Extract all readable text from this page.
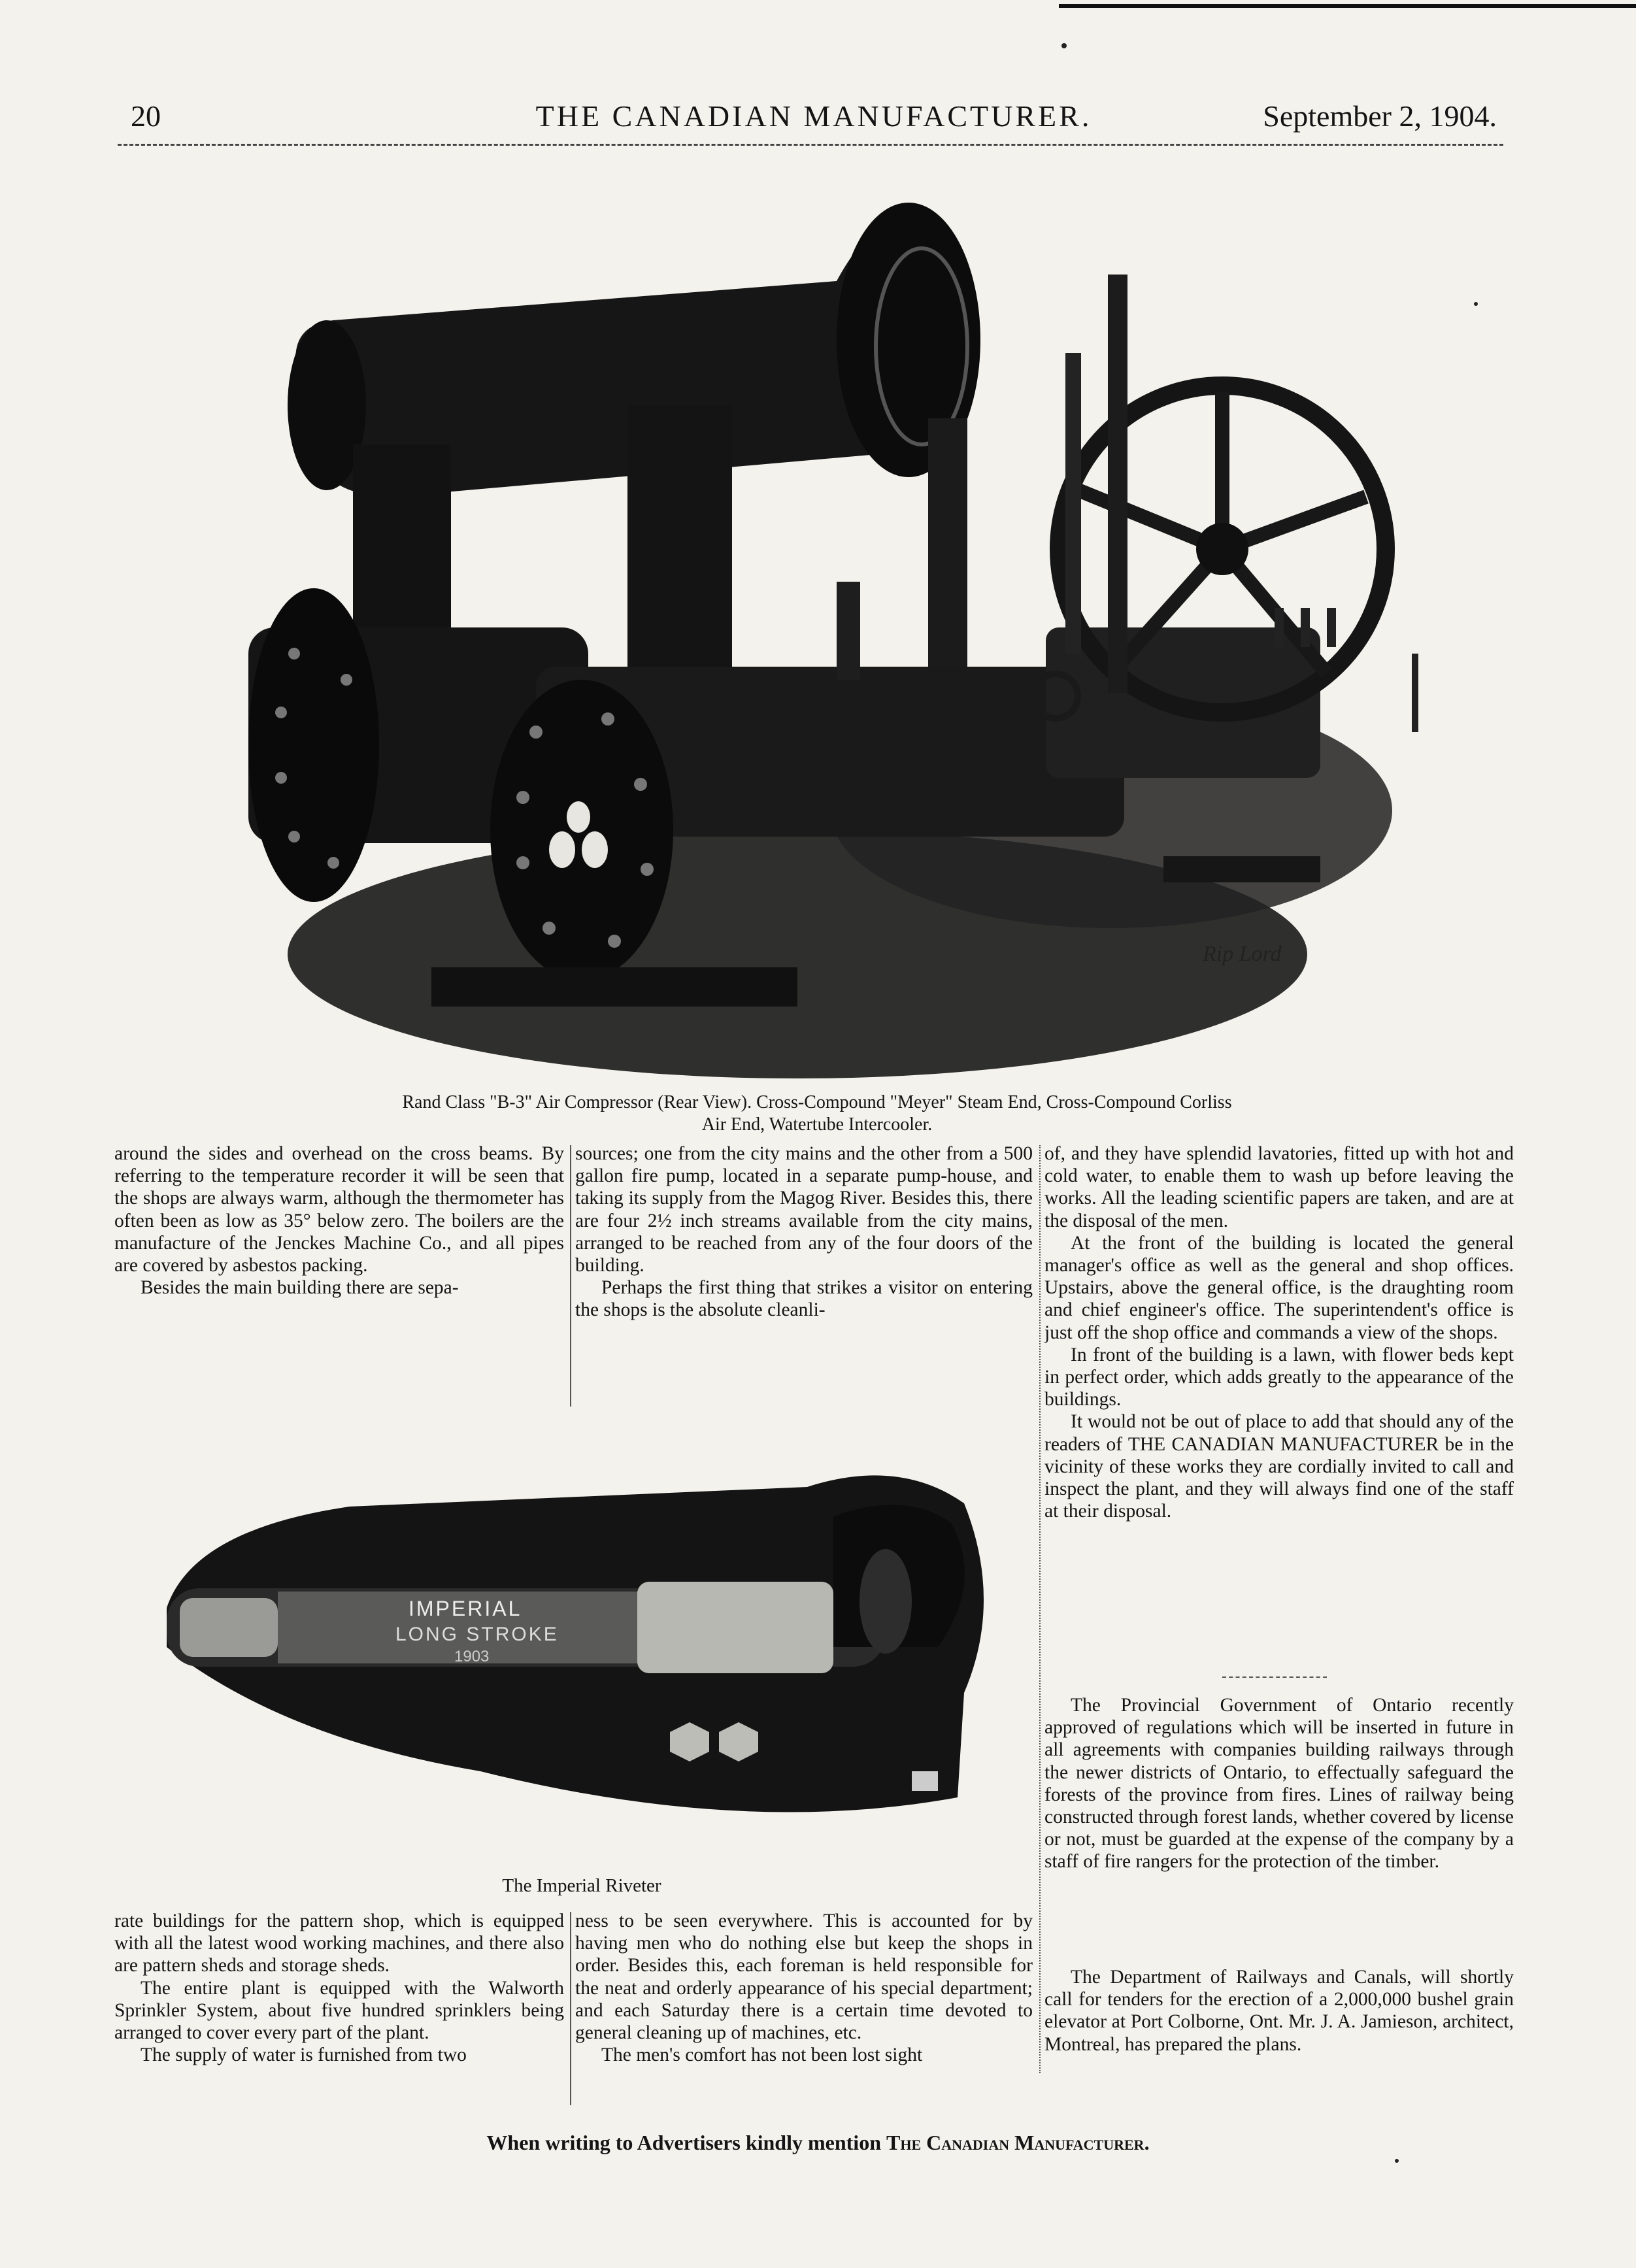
20	THE CANADIAN MANUFACTURER.	September 2, 1904.
Rip Lord
Rand Class "B-3" Air Compressor (Rear View). Cross-Compound "Meyer" Steam End, Cross-Compound Corliss
Air End, Watertube Intercooler.

around the sides and overhead on the cross beams. By referring to the temperature recorder it will be seen that the shops are always warm, although the thermometer has often been as low as 35° below zero. The boilers are the manufacture of the Jenckes Machine Co., and all pipes are covered by asbestos packing.

Besides the main building there are sepa-

sources; one from the city mains and the other from a 500 gallon fire pump, located in a separate pump-house, and taking its supply from the Magog River. Besides this, there are four 2½ inch streams available from the city mains, arranged to be reached from any of the four doors of the building.

Perhaps the first thing that strikes a visitor on entering the shops is the absolute cleanli-

of, and they have splendid lavatories, fitted up with hot and cold water, to enable them to wash up before leaving the works. All the leading scientific papers are taken, and are at the disposal of the men.

At the front of the building is located the general manager's office as well as the general and shop offices. Upstairs, above the general office, is the draughting room and chief engineer's office. The superintendent's office is just off the shop office and commands a view of the shops.

In front of the building is a lawn, with flower beds kept in perfect order, which adds greatly to the appearance of the buildings.

It would not be out of place to add that should any of the readers of THE CANADIAN MANUFACTURER be in the vicinity of these works they are cordially invited to call and inspect the plant, and they will always find one of the staff at their disposal.

The Provincial Government of Ontario recently approved of regulations which will be inserted in future in all agreements with companies building railways through the newer districts of Ontario, to effectually safeguard the forests of the province from fires. Lines of railway being constructed through forest lands, whether covered by license or not, must be guarded at the expense of the company by a staff of fire rangers for the protection of the timber.

The Department of Railways and Canals, will shortly call for tenders for the erection of a 2,000,000 bushel grain elevator at Port Colborne, Ont. Mr. J. A. Jamieson, architect, Montreal, has prepared the plans.

IMPERIAL
LONG STROKE
1903
The Imperial Riveter

rate buildings for the pattern shop, which is equipped with all the latest wood working machines, and there also are pattern sheds and storage sheds.

The entire plant is equipped with the Walworth Sprinkler System, about five hundred sprinklers being arranged to cover every part of the plant.

The supply of water is furnished from two

ness to be seen everywhere. This is accounted for by having men who do nothing else but keep the shops in order. Besides this, each foreman is held responsible for the neat and orderly appearance of his special department; and each Saturday there is a certain time devoted to general cleaning up of machines, etc.

The men's comfort has not been lost sight

When writing to Advertisers kindly mention The Canadian Manufacturer.
